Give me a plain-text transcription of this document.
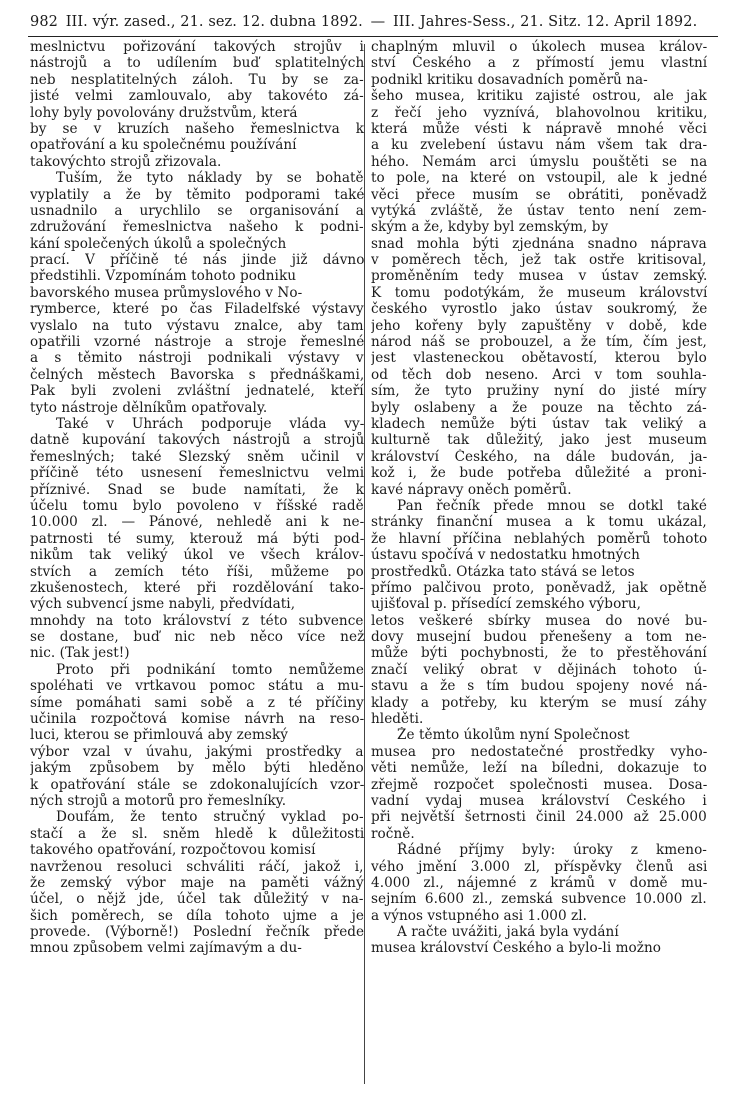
982 III. výr. zased., 21. sez. 12. dubna 1892. — III. Jahres-Sess., 21. Sitz. 12. April 1892.
meslnictvu pořizování takových strojův i
nástrojů a to udílením buď splatitelných
neb nesplatitelných záloh. Tu by se za-
jisté velmi zamlouvalo, aby takovéto zá-
lohy byly povolovány družstvům, která
by se v kruzích našeho řemeslnictva k
opatřování a ku společnému používání
takovýchto strojů zřizovala.
Tuším, že tyto náklady by se bohatě
vyplatily a že by těmito podporami také
usnadnilo a urychlilo se organisování a
združování řemeslnictva našeho k podni-
kání společených úkolů a společných
prací. V příčině té nás jinde již dávno
předstihli. Vzpomínám tohoto podniku
bavorského musea průmyslového v No-
rymberce, které po čas Filadelfské výstavy
vyslalo na tuto výstavu znalce, aby tam
opatřili vzorné nástroje a stroje řemeslné
a s těmito nástroji podnikali výstavy v
čelných městech Bavorska s přednáškami,
Pak byli zvoleni zvláštní jednatelé, kteří
tyto nástroje dělníkům opatřovaly.
Také v Uhrách podporuje vláda vy-
datně kupování takových nástrojů a strojů
řemeslných; také Slezský sněm učinil v
příčině této usnesení řemeslnictvu velmi
příznivé. Snad se bude namítati, že k
účelu tomu bylo povoleno v říšské radě
10.000 zl. — Pánové, nehledě ani k ne-
patrnosti té sumy, kterouž má býti pod-
nikům tak veliký úkol ve všech králov-
stvích a zemích této říši, můžeme po
zkušenostech, které při rozdělování tako-
vých subvencí jsme nabyli, předvídati,
mnohdy na toto království z této subvence
se dostane, buď nic neb něco více než
nic. (Tak jest!)
Proto při podnikání tomto nemůžeme
spoléhati ve vrtkavou pomoc státu a mu-
síme pomáhati sami sobě a z té příčiny
učinila rozpočtová komise návrh na reso-
luci, kterou se přimlouvá aby zemský
výbor vzal v úvahu, jakými prostředky a
jakým způsobem by mělo býti hleděno
k opatřování stále se zdokonalujících vzor-
ných strojů a motorů pro řemeslníky.
Doufám, že tento stručný vyklad po-
stačí a že sl. sněm hledě k důležitosti
takového opatřování, rozpočtovou komisí
navrženou resoluci schváliti ráčí, jakož i,
že zemský výbor maje na paměti vážný
účel, o nějž jde, účel tak důležitý v na-
šich poměrech, se díla tohoto ujme a je
provede. (Výborně!) Poslední řečník přede
mnou způsobem velmi zajímavým a du-
chaplným mluvil o úkolech musea králov-
ství Českého a z přímostí jemu vlastní
podnikl kritiku dosavadních poměrů na-
šeho musea, kritiku zajisté ostrou, ale jak
z řečí jeho vyznívá, blahovolnou kritiku,
která může vésti k nápravě mnohé věci
a ku zvelebení ústavu nám všem tak dra-
hého. Nemám arci úmyslu pouštěti se na
to pole, na které on vstoupil, ale k jedné
věci přece musím se obrátiti, poněvadž
vytýká zvláště, že ústav tento není zem-
ským a že, kdyby byl zemským, by
snad mohla býti zjednána snadno náprava
v poměrech těch, jež tak ostře kritisoval,
proměněním tedy musea v ústav zemský.
K tomu podotýkám, že museum království
českého vyrostlo jako ústav soukromý, že
jeho kořeny byly zapuštěny v době, kde
národ náš se probouzel, a že tím, čím jest,
jest vlasteneckou obětavostí, kterou bylo
od těch dob neseno. Arci v tom souhla-
sím, že tyto pružiny nyní do jisté míry
byly oslabeny a že pouze na těchto zá-
kladech nemůže býti ústav tak veliký a
kulturně tak důležitý, jako jest museum
království Českého, na dále budován, ja-
kož i, že bude potřeba důležité a proni-
kavé nápravy oněch poměrů.
Pan řečník přede mnou se dotkl také
stránky finanční musea a k tomu ukázal,
že hlavní příčina neblahých poměrů tohoto
ústavu spočívá v nedostatku hmotných
prostředků. Otázka tato stává se letos
přímo palčivou proto, poněvadž, jak opětně
ujišťoval p. přísedící zemského výboru,
letos veškeré sbírky musea do nové bu-
dovy musejní budou přenešeny a tom ne-
může býti pochybnosti, že to přestěhování
značí veliký obrat v dějinách tohoto ú-
stavu a že s tím budou spojeny nové ná-
klady a potřeby, ku kterým se musí záhy
hleděti.
Že těmto úkolům nyní Společnost
musea pro nedostatečné prostředky vyho-
věti nemůže, leží na bíledni, dokazuje to
zřejmě rozpočet společnosti musea. Dosa-
vadní vydaj musea království Českého i
při největší šetrnosti činil 24.000 až 25.000
ročně.
Řádné příjmy byly: úroky z kmeno-
vého jmění 3.000 zl, příspěvky členů asi
4.000 zl., nájemné z krámů v domě mu-
sejním 6.600 zl., zemská subvence 10.000 zl.
a výnos vstupného asi 1.000 zl.
A račte uvážiti, jaká byla vydání
musea království Českého a bylo-li možno
